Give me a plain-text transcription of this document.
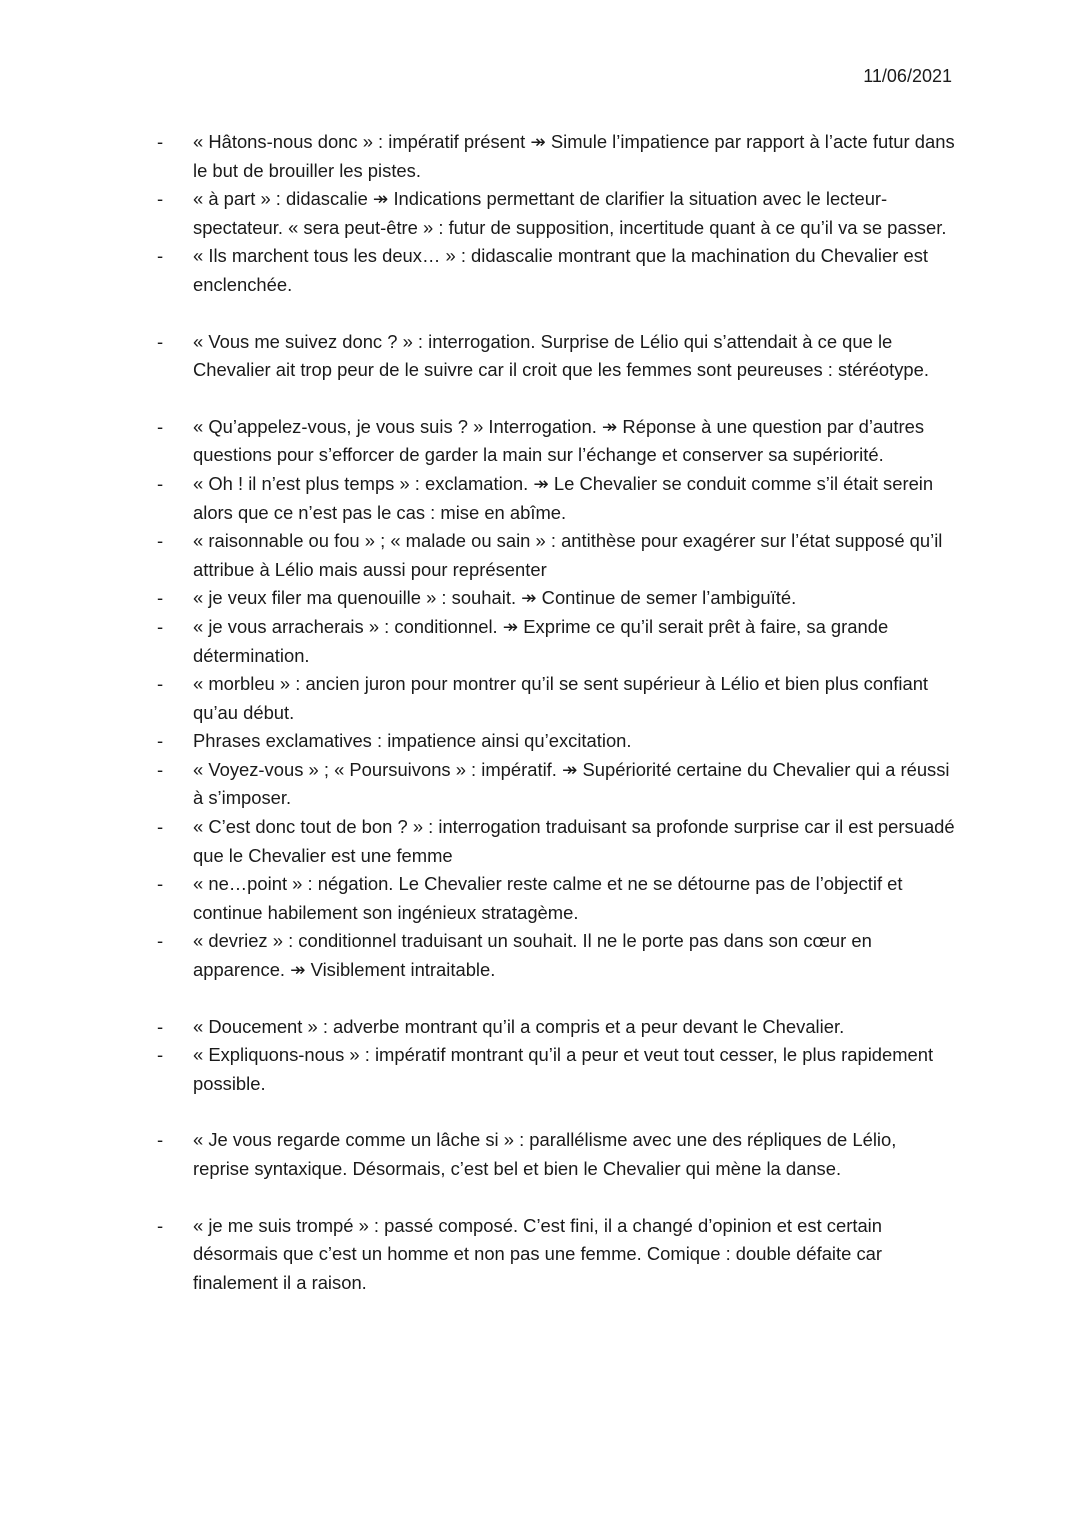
11/06/2021
- « Hâtons-nous donc » : impératif présent ↠ Simule l’impatience par rapport à l’acte futur dans le but de brouiller les pistes.
- « à part » : didascalie ↠ Indications permettant de clarifier la situation avec le lecteur-spectateur. « sera peut-être » : futur de supposition, incertitude quant à ce qu’il va se passer.
- « Ils marchent tous les deux… » : didascalie montrant que la machination du Chevalier est enclenchée.
- « Vous me suivez donc ? » : interrogation. Surprise de Lélio qui s’attendait à ce que le Chevalier ait trop peur de le suivre car il croit que les femmes sont peureuses : stéréotype.
- « Qu’appelez-vous, je vous suis ? » Interrogation. ↠ Réponse à une question par d’autres questions pour s’efforcer de garder la main sur l’échange et conserver sa supériorité.
- « Oh ! il n’est plus temps » : exclamation. ↠ Le Chevalier se conduit comme s’il était serein alors que ce n’est pas le cas : mise en abîme.
- « raisonnable ou fou » ; « malade ou sain » : antithèse pour exagérer sur l’état supposé qu’il attribue à Lélio mais aussi pour représenter
- « je veux filer ma quenouille » : souhait. ↠ Continue de semer l’ambiguïté.
- « je vous arracherais » : conditionnel. ↠ Exprime ce qu’il serait prêt à faire, sa grande détermination.
- « morbleu » : ancien juron pour montrer qu’il se sent supérieur à Lélio et bien plus confiant qu’au début.
- Phrases exclamatives : impatience ainsi qu’excitation.
- « Voyez-vous » ; « Poursuivons » : impératif. ↠ Supériorité certaine du Chevalier qui a réussi à s’imposer.
- « C’est donc tout de bon ? » : interrogation traduisant sa profonde surprise car il est persuadé que le Chevalier est une femme
- « ne…point » : négation. Le Chevalier reste calme et ne se détourne pas de l’objectif et continue habilement son ingénieux stratagème.
- « devriez » : conditionnel traduisant un souhait. Il ne le porte pas dans son cœur en apparence. ↠ Visiblement intraitable.
- « Doucement » : adverbe montrant qu’il a compris et a peur devant le Chevalier.
- « Expliquons-nous » : impératif montrant qu’il a peur et veut tout cesser, le plus rapidement possible.
- « Je vous regarde comme un lâche si » : parallélisme avec une des répliques de Lélio, reprise syntaxique. Désormais, c’est bel et bien le Chevalier qui mène la danse.
- « je me suis trompé » : passé composé. C’est fini, il a changé d’opinion et est certain désormais que c’est un homme et non pas une femme. Comique : double défaite car finalement il a raison.
